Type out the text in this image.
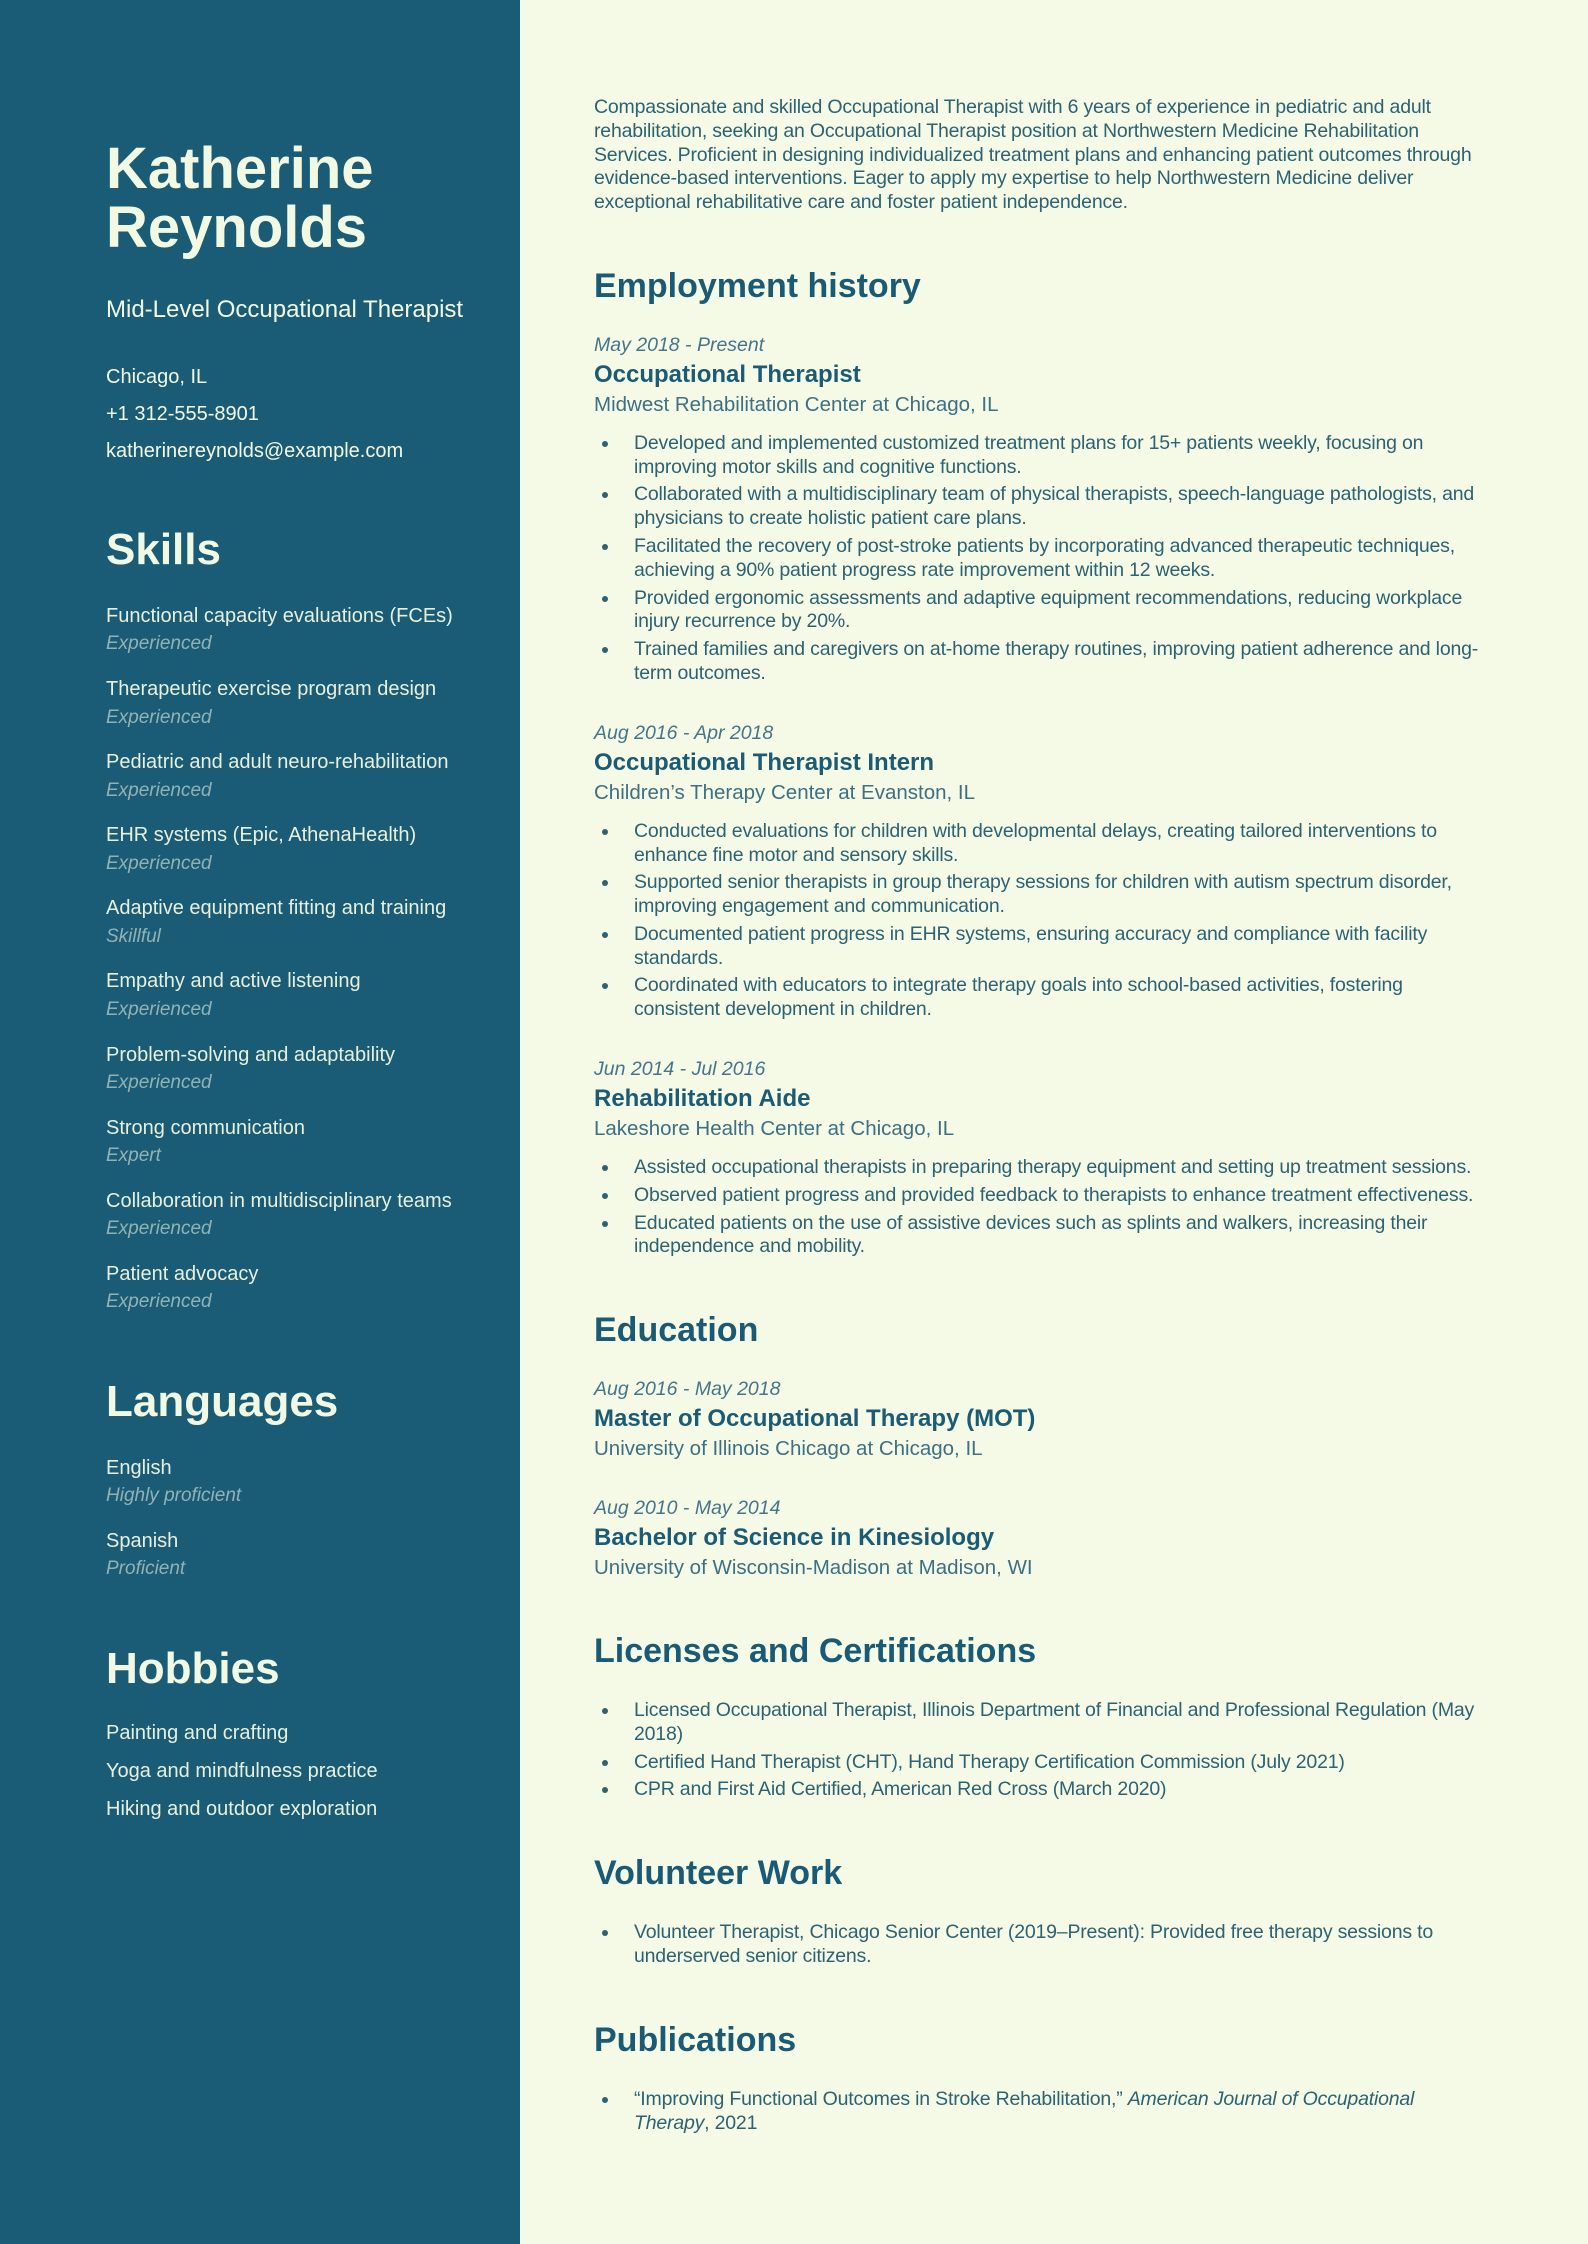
Katherine
Reynolds
Mid-Level Occupational Therapist
Chicago, IL
+1 312-555-8901
katherinereynolds@example.com
Skills
Functional capacity evaluations (FCEs)
Experienced
Therapeutic exercise program design
Experienced
Pediatric and adult neuro-rehabilitation
Experienced
EHR systems (Epic, AthenaHealth)
Experienced
Adaptive equipment fitting and training
Skillful
Empathy and active listening
Experienced
Problem-solving and adaptability
Experienced
Strong communication
Expert
Collaboration in multidisciplinary teams
Experienced
Patient advocacy
Experienced
Languages
English
Highly proficient
Spanish
Proficient
Hobbies
Painting and crafting
Yoga and mindfulness practice
Hiking and outdoor exploration

Compassionate and skilled Occupational Therapist with 6 years of experience in pediatric and adult rehabilitation, seeking an Occupational Therapist position at Northwestern Medicine Rehabilitation Services. Proficient in designing individualized treatment plans and enhancing patient outcomes through evidence-based interventions. Eager to apply my expertise to help Northwestern Medicine deliver exceptional rehabilitative care and foster patient independence.

Employment history
May 2018 - Present
Occupational Therapist
Midwest Rehabilitation Center at Chicago, IL
Developed and implemented customized treatment plans for 15+ patients weekly, focusing on improving motor skills and cognitive functions.
Collaborated with a multidisciplinary team of physical therapists, speech-language pathologists, and physicians to create holistic patient care plans.
Facilitated the recovery of post-stroke patients by incorporating advanced therapeutic techniques, achieving a 90% patient progress rate improvement within 12 weeks.
Provided ergonomic assessments and adaptive equipment recommendations, reducing workplace injury recurrence by 20%.
Trained families and caregivers on at-home therapy routines, improving patient adherence and long-term outcomes.
Aug 2016 - Apr 2018
Occupational Therapist Intern
Children’s Therapy Center at Evanston, IL
Conducted evaluations for children with developmental delays, creating tailored interventions to enhance fine motor and sensory skills.
Supported senior therapists in group therapy sessions for children with autism spectrum disorder, improving engagement and communication.
Documented patient progress in EHR systems, ensuring accuracy and compliance with facility standards.
Coordinated with educators to integrate therapy goals into school-based activities, fostering consistent development in children.
Jun 2014 - Jul 2016
Rehabilitation Aide
Lakeshore Health Center at Chicago, IL
Assisted occupational therapists in preparing therapy equipment and setting up treatment sessions.
Observed patient progress and provided feedback to therapists to enhance treatment effectiveness.
Educated patients on the use of assistive devices such as splints and walkers, increasing their independence and mobility.
Education
Aug 2016 - May 2018
Master of Occupational Therapy (MOT)
University of Illinois Chicago at Chicago, IL
Aug 2010 - May 2014
Bachelor of Science in Kinesiology
University of Wisconsin-Madison at Madison, WI
Licenses and Certifications
Licensed Occupational Therapist, Illinois Department of Financial and Professional Regulation (May 2018)
Certified Hand Therapist (CHT), Hand Therapy Certification Commission (July 2021)
CPR and First Aid Certified, American Red Cross (March 2020)
Volunteer Work
Volunteer Therapist, Chicago Senior Center (2019–Present): Provided free therapy sessions to underserved senior citizens.
Publications
“Improving Functional Outcomes in Stroke Rehabilitation,” American Journal of Occupational Therapy, 2021
